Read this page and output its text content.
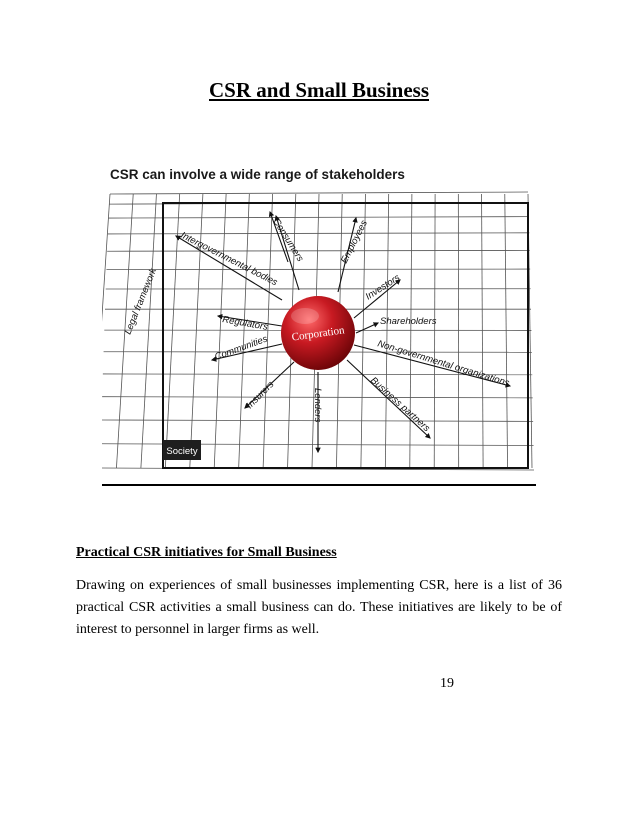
CSR and Small Business
CSR can involve a wide range of stakeholders
Corporation
Legal framework
Intergovernmental bodies
Consumers	Employees
Investors
Shareholders
Non-governmental organizations
Business partners
Lenders
Insurers
Communities
Regulators
Society
Practical CSR initiatives for Small Business
Drawing on experiences of small businesses implementing CSR, here is a list of 36 practical CSR activities a small business can do. These initiatives are likely to be of interest to personnel in larger firms as well.
19
